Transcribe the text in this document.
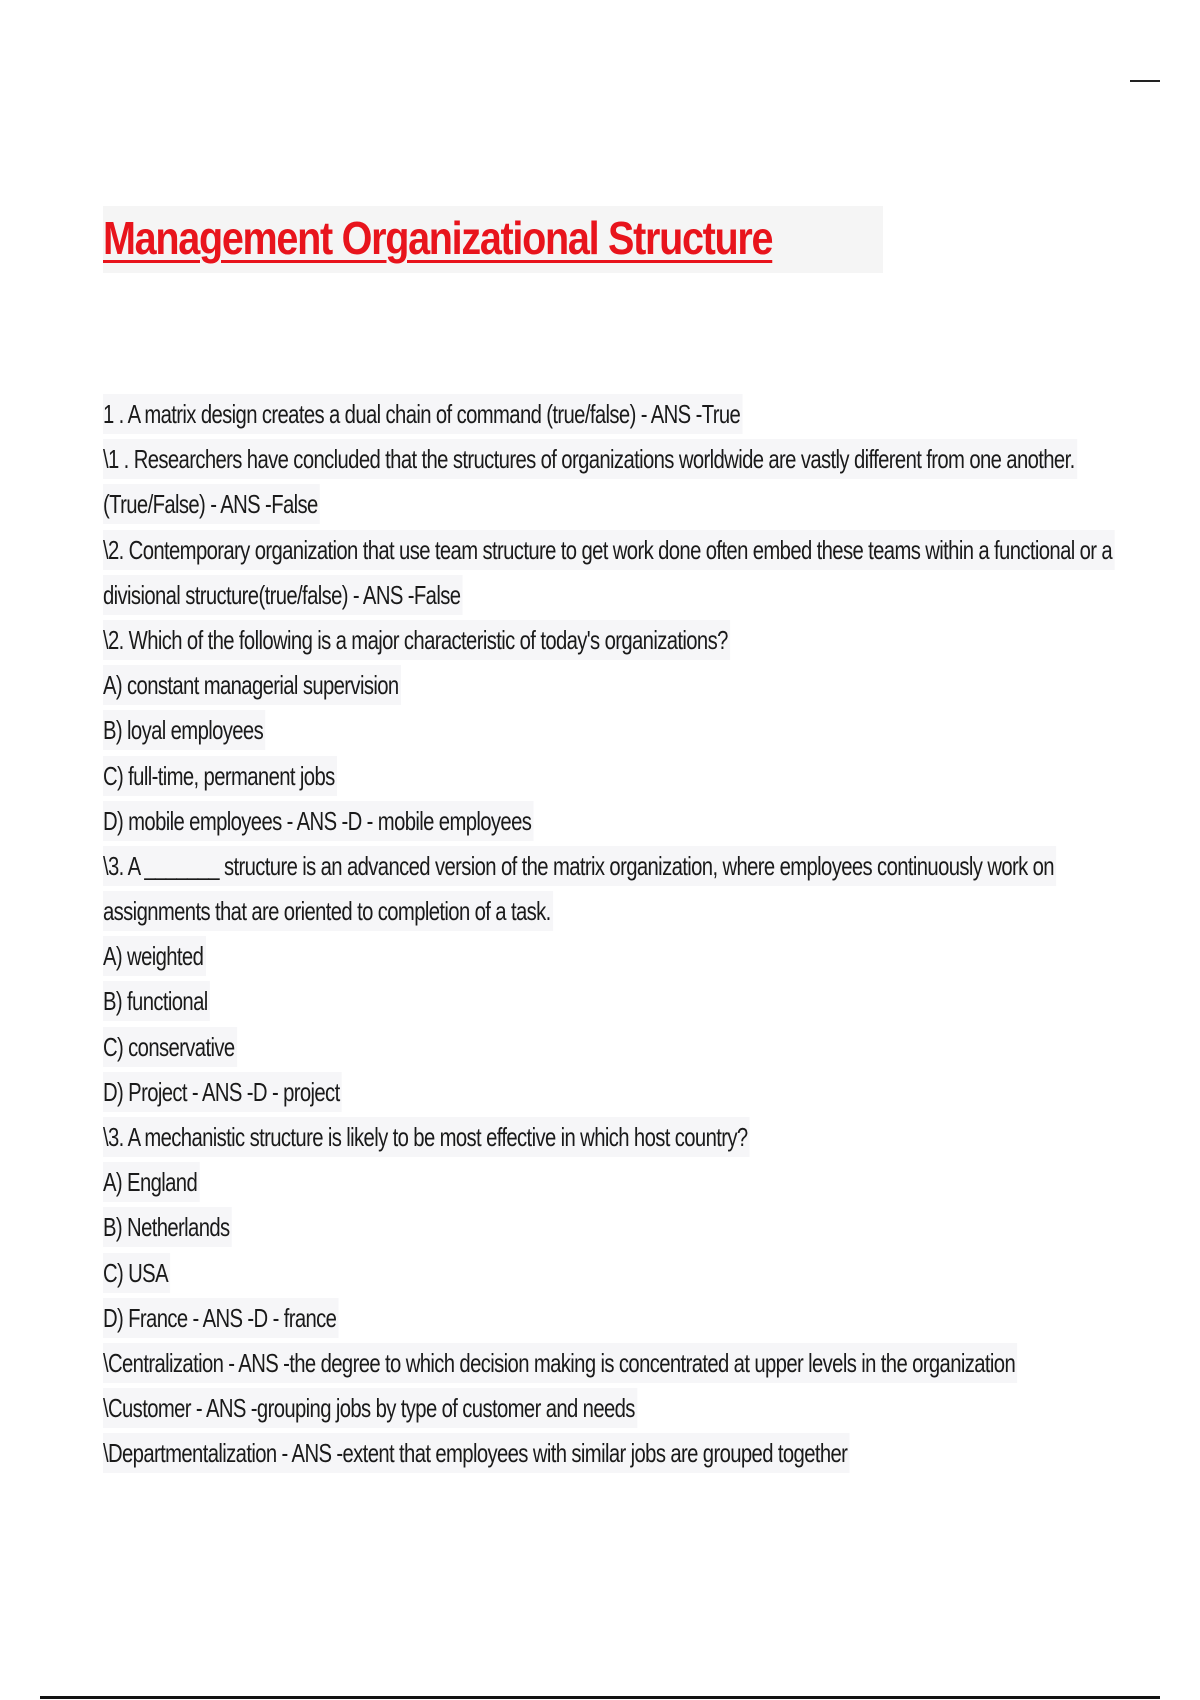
Management Organizational Structure
1 . A matrix design creates a dual chain of command (true/false) - ANS -True
\1 . Researchers have concluded that the structures of organizations worldwide are vastly different from one another.
(True/False) - ANS -False
\2. Contemporary organization that use team structure to get work done often embed these teams within a functional or a
divisional structure(true/false) - ANS -False
\2. Which of the following is a major characteristic of today's organizations?
A) constant managerial supervision
B) loyal employees
C) full-time, permanent jobs
D) mobile employees - ANS -D - mobile employees
\3. A _______ structure is an advanced version of the matrix organization, where employees continuously work on
assignments that are oriented to completion of a task.
A) weighted
B) functional
C) conservative
D) Project - ANS -D - project
\3. A mechanistic structure is likely to be most effective in which host country?
A) England
B) Netherlands
C) USA
D) France - ANS -D - france
\Centralization - ANS -the degree to which decision making is concentrated at upper levels in the organization
\Customer - ANS -grouping jobs by type of customer and needs
\Departmentalization - ANS -extent that employees with similar jobs are grouped together
